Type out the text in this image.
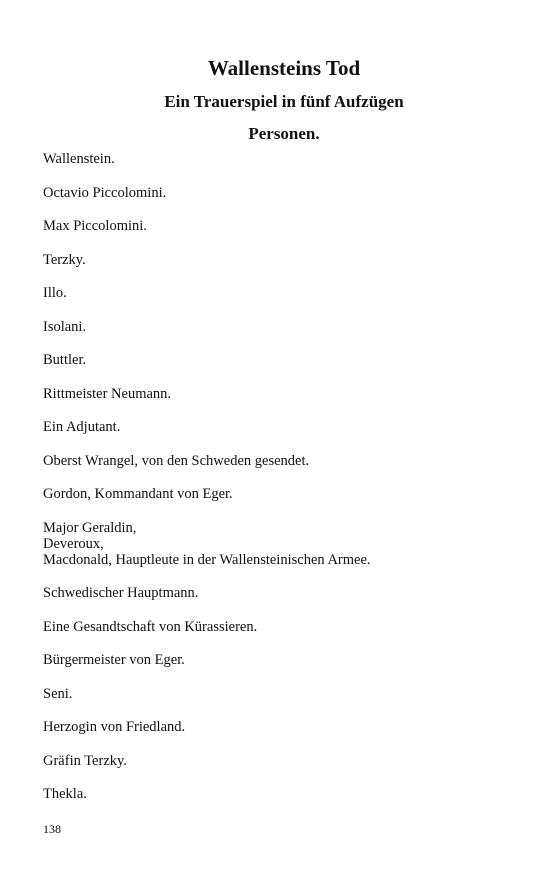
Wallensteins Tod
Ein Trauerspiel in fünf Aufzügen
Personen.
Wallenstein.
Octavio Piccolomini.
Max Piccolomini.
Terzky.
Illo.
Isolani.
Buttler.
Rittmeister Neumann.
Ein Adjutant.
Oberst Wrangel, von den Schweden gesendet.
Gordon, Kommandant von Eger.
Major Geraldin,
Deveroux,
Macdonald, Hauptleute in der Wallensteinischen Armee.
Schwedischer Hauptmann.
Eine Gesandtschaft von Kürassieren.
Bürgermeister von Eger.
Seni.
Herzogin von Friedland.
Gräfin Terzky.
Thekla.
138
